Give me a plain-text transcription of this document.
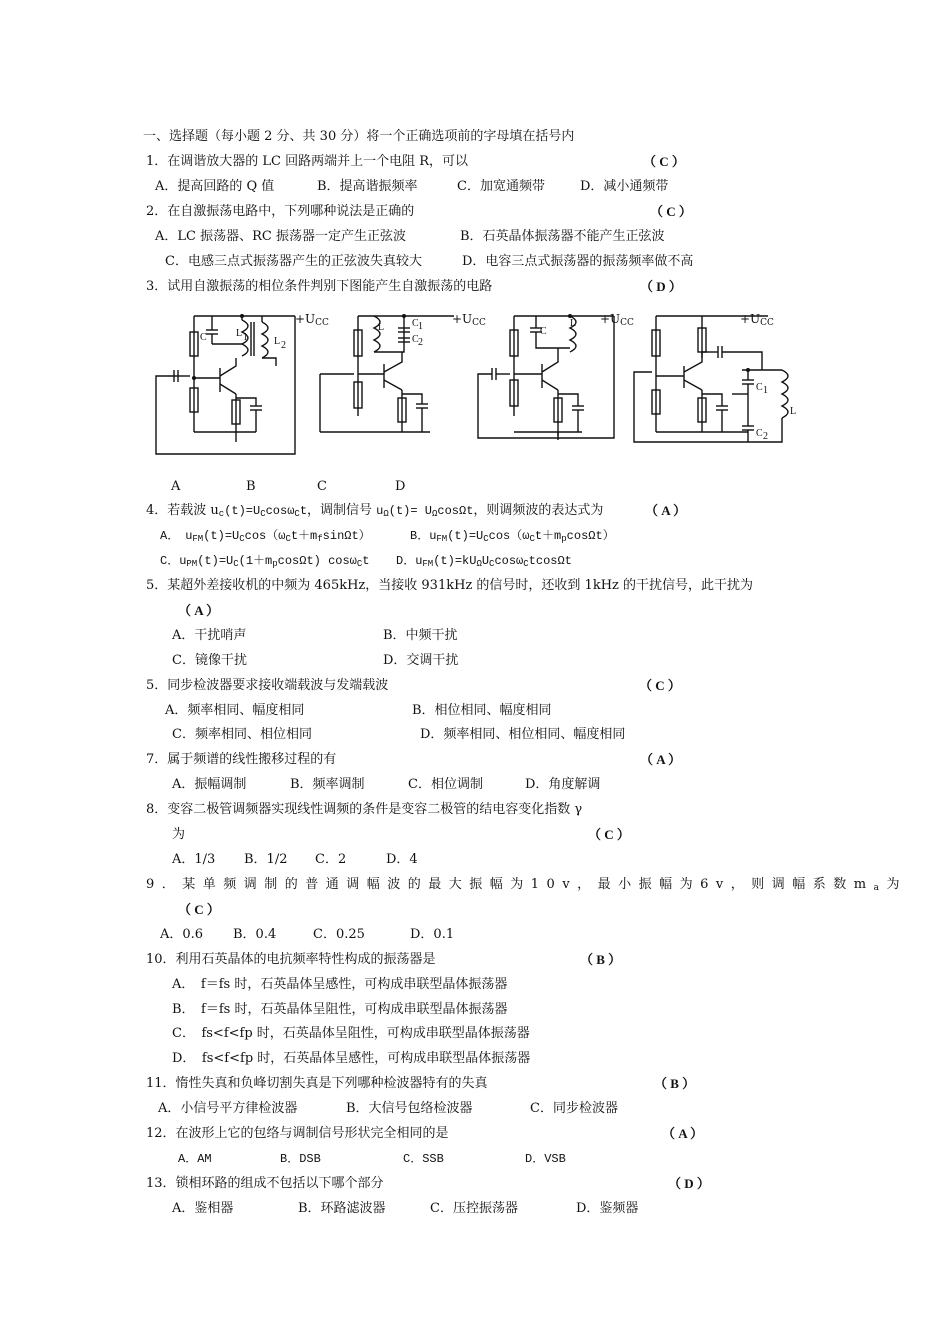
一、选择题（每小题 2 分、共 30 分）将一个正确选项前的字母填在括号内
1．在调谐放大器的 LC 回路两端并上一个电阻 R，可以	（ C ）
A．提高回路的 Q 值	B．提高谐振频率	C．加宽通频带	D．减小通频带
2．在自激振荡电路中，下列哪种说法是正确的	（ C ）
A．LC 振荡器、RC 振荡器一定产生正弦波	B．石英晶体振荡器不能产生正弦波
C．电感三点式振荡器产生的正弦波失真较大	D．电容三点式振荡器的振荡频率做不高
3．试用自激振荡的相位条件判别下图能产生自激振荡的电路	（ D ）
C	L 1	L 2
$+U_{CC}$	L	C 1
C 2
$+U_{CC}$
C
$L +U_{CC}$
C 1
C 2
L
$+U_{CC}$
A	B	C	D
4．若载波 $u_c(t)=U_C\cos\omega_Ct$，调制信号 $u_\Omega(t)= U_\Omega\cos\Omega t$，则调频波的表达式为	（ A ）
A．　$u_{FM}(t)=U_C\cos(\omega_Ct+m_f\sin\Omega t)$	B．$u_{FM}(t)=U_C\cos(\omega_Ct+m_p\cos\Omega t)$
C．$u_{PM}(t)=U_C(1+m_p\cos\Omega t)$ cosω$_C$t D．$u_{FM}(t)=kU_\Omega U_C\cos\omega_Ctcos\Omega t$
5．某超外差接收机的中频为 465kHz，当接收 931kHz 的信号时，还收到 1kHz 的干扰信号，此干扰为
（ A ）
A．干扰哨声	B．中频干扰
C．镜像干扰	D．交调干扰
5．同步检波器要求接收端载波与发端载波	（ C ）
A．频率相同、幅度相同	B．相位相同、幅度相同
C．频率相同、相位相同	D．频率相同、相位相同、幅度相同
7．属于频谱的线性搬移过程的有	（ A ）
A．振幅调制	B．频率调制	C．相位调制	D．角度解调
8．变容二极管调频器实现线性调频的条件是变容二极管的结电容变化指数 γ
为	（ C ）
A．1/3 B．1/2 C．2	D．4
9．某单频调制的普通调幅波的最大振幅为10v，最小振幅为6v，则调幅系数$m_a$为
（ C ）
A．0.6 B．0.4	C．0.25	D．0.1
10．利用石英晶体的电抗频率特性构成的振荡器是	（ B ）
B．　f＝fs 时，石英晶体呈阻性，可构成串联型晶体振荡器
A．　f＝fs 时，石英晶体呈感性，可构成串联型晶体振荡器
C．　fs<f<fp 时，石英晶体呈阻性，可构成串联型晶体振荡器
D．　fs<f<fp 时，石英晶体呈感性，可构成串联型晶体振荡器
11．惰性失真和负峰切割失真是下列哪种检波器特有的失真	（ B ）
A．小信号平方律检波器	B．大信号包络检波器	C．同步检波器
12．在波形上它的包络与调制信号形状完全相同的是	（ A ）
A．AM	B．DSB	C．SSB	D．VSB
13．锁相环路的组成不包括以下哪个部分	（ D ）
A．鉴相器	B．环路滤波器	C．压控振荡器	D．鉴频器
